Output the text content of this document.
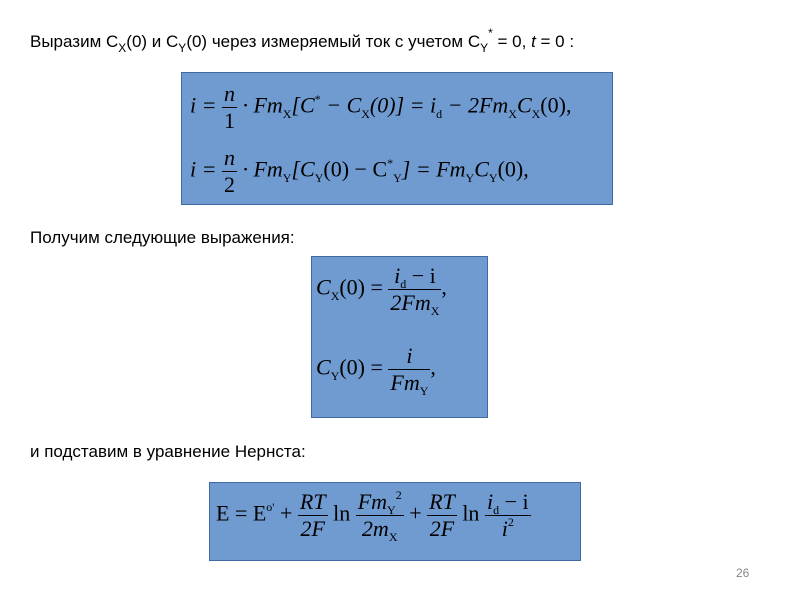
Выразим $C_X(0)$ и $C_Y(0)$ через измеряемый ток с учетом $C_Y^* = 0$, t = 0 :
$i = \frac{n}{1} \cdot Fm_X[C^* - C_X(0)] = i_d - 2Fm_XC_X(0)$,
$i = \frac{n}{2} \cdot Fm_Y[C_Y(0) - C^*_Y] = Fm_YC_Y(0)$,
Получим следующие выражения:
$C_X(0) = \frac{i_d - i}{2Fm_X}$ ,
$C_Y(0) = \frac{i}{Fm_Y}$ ,
и подставим в уравнение Нернста:
$E = E^{o'} + \frac{RT}{2F}$ $\ln \frac{Fm_Y^2}{2m_X} + \frac{RT}{2F}$ $\ln \frac{i_d - i}{i^2}$
26
